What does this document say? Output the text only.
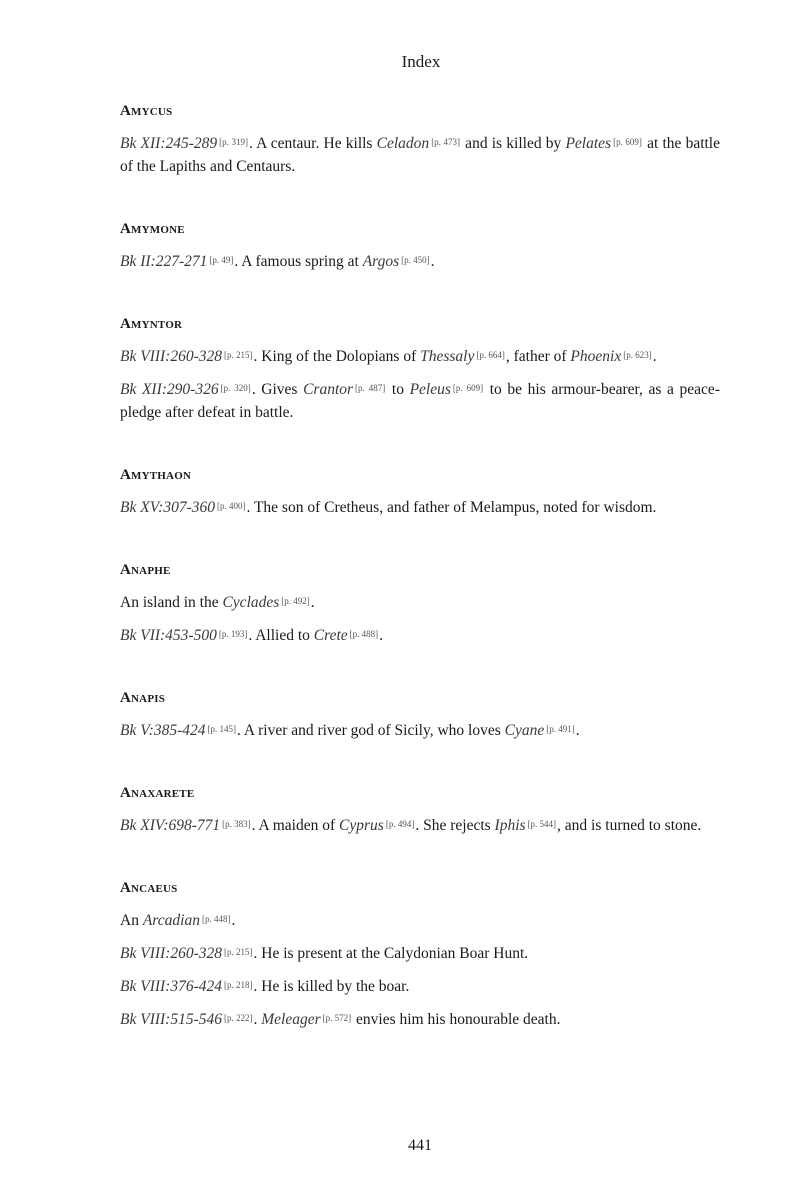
Index
Amycus

Bk XII:245-289 [p. 319]. A centaur. He kills Celadon [p. 473] and is killed by Pelates [p. 609] at the battle of the Lapiths and Centaurs.

Amymone

Bk II:227-271 [p. 49]. A famous spring at Argos [p. 450].

Amyntor

Bk VIII:260-328 [p. 215]. King of the Dolopians of Thessaly [p. 664], father of Phoenix [p. 623].

Bk XII:290-326 [p. 320]. Gives Crantor [p. 487] to Peleus [p. 609] to be his armour-bearer, as a peace-pledge after defeat in battle.

Amythaon

Bk XV:307-360 [p. 400]. The son of Cretheus, and father of Melampus, noted for wisdom.

Anaphe

An island in the Cyclades [p. 492].

Bk VII:453-500 [p. 193]. Allied to Crete [p. 488].

Anapis

Bk V:385-424 [p. 145]. A river and river god of Sicily, who loves Cyane [p. 491].

Anaxarete

Bk XIV:698-771 [p. 383]. A maiden of Cyprus [p. 494]. She rejects Iphis [p. 544], and is turned to stone.

Ancaeus

An Arcadian [p. 448].

Bk VIII:260-328 [p. 215]. He is present at the Calydonian Boar Hunt.

Bk VIII:376-424 [p. 218]. He is killed by the boar.

Bk VIII:515-546 [p. 222]. Meleager [p. 572] envies him his honourable death.

441
